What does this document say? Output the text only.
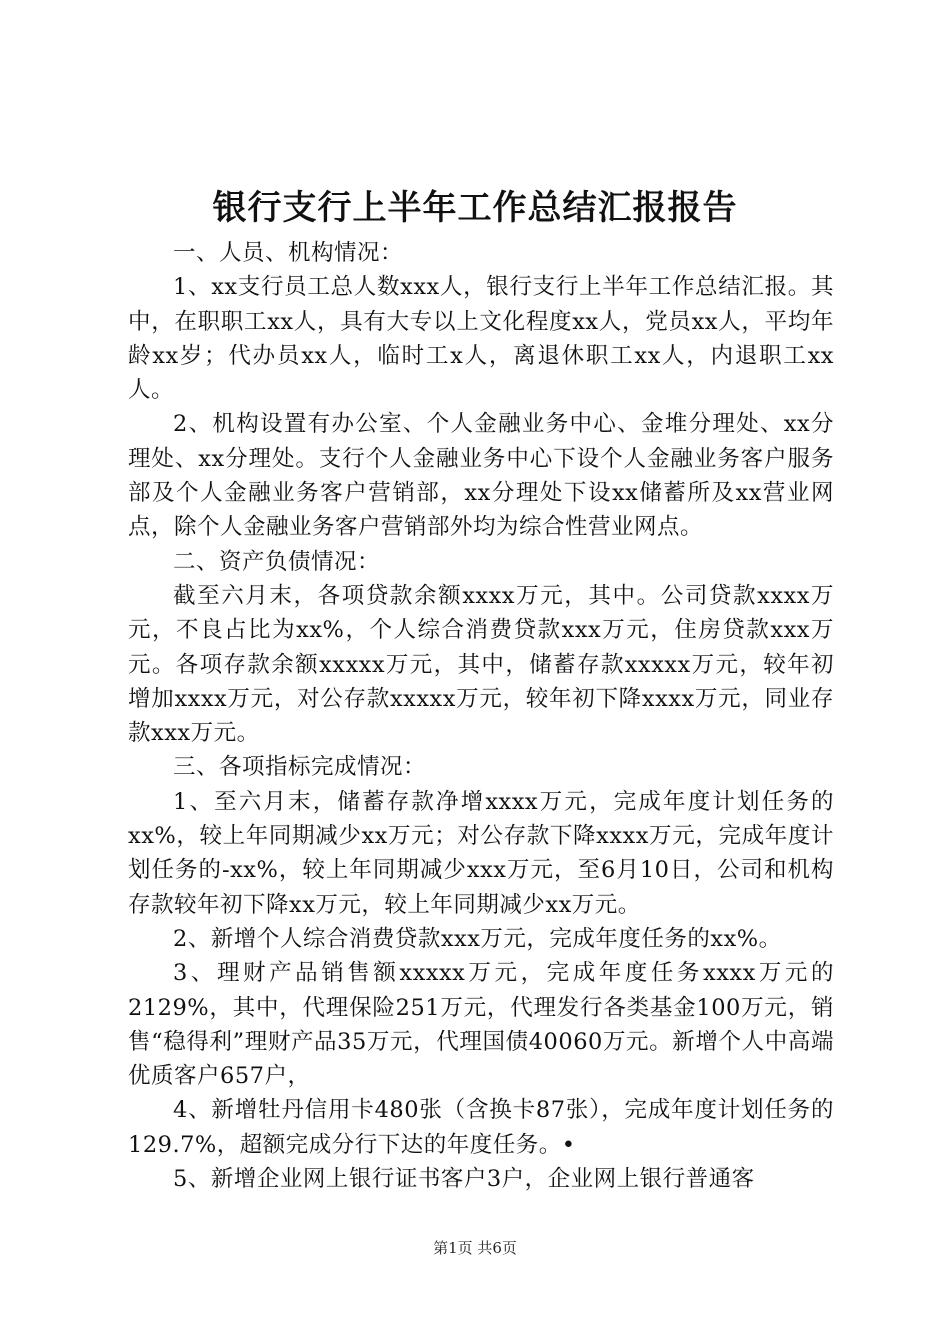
银行支行上半年工作总结汇报报告

一、人员、机构情况：

1、xx支行员工总人数xxx人，银行支行上半年工作总结汇报。其中，在职职工xx人，具有大专以上文化程度xx人，党员xx人，平均年龄xx岁；代办员xx人，临时工x人，离退休职工xx人，内退职工xx人。

2、机构设置有办公室、个人金融业务中心、金堆分理处、xx分理处、xx分理处。支行个人金融业务中心下设个人金融业务客户服务部及个人金融业务客户营销部，xx分理处下设xx储蓄所及xx营业网点，除个人金融业务客户营销部外均为综合性营业网点。

二、资产负债情况：

截至六月末，各项贷款余额xxxx万元，其中。公司贷款xxxx万元，不良占比为xx%，个人综合消费贷款xxx万元，住房贷款xxx万元。各项存款余额xxxxx万元，其中，储蓄存款xxxxx万元，较年初增加xxxx万元，对公存款xxxxx万元，较年初下降xxxx万元，同业存款xxx万元。

三、各项指标完成情况：

1、至六月末，储蓄存款净增xxxx万元，完成年度计划任务的xx%，较上年同期减少xx万元；对公存款下降xxxx万元，完成年度计划任务的-xx%，较上年同期减少xxx万元，至6月10日，公司和机构存款较年初下降xx万元，较上年同期减少xx万元。

2、新增个人综合消费贷款xxx万元，完成年度任务的xx%。

3、理财产品销售额xxxxx万元，完成年度任务xxxx万元的2129%，其中，代理保险251万元，代理发行各类基金100万元，销售“稳得利”理财产品35万元，代理国债40060万元。新增个人中高端优质客户657户，

4、新增牡丹信用卡480张（含换卡87张），完成年度计划任务的129.7%，超额完成分行下达的年度任务。•

5、新增企业网上银行证书客户3户，企业网上银行普通客

第1页 共6页
